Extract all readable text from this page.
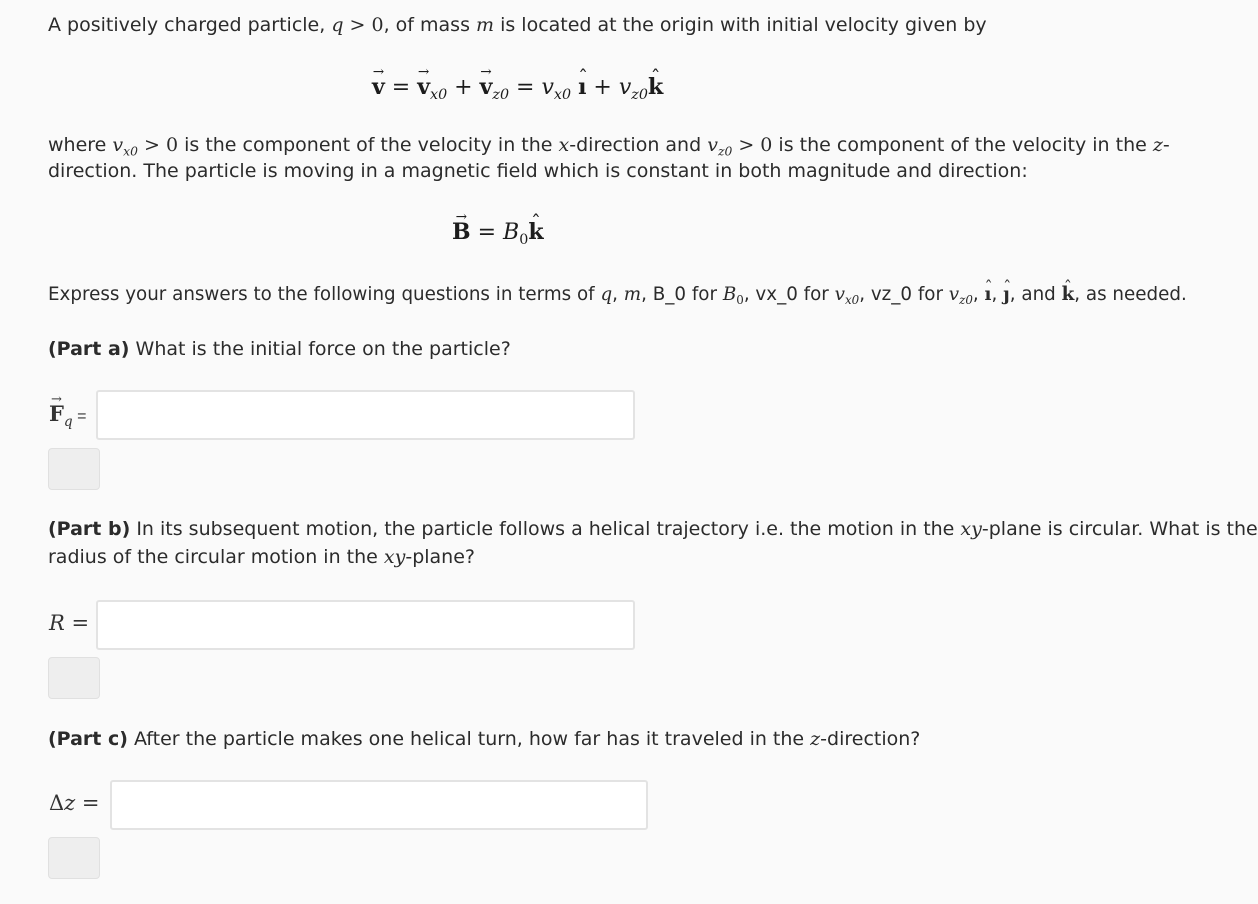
A positively charged particle, q > 0, of mass m is located at the origin with initial velocity given by
→ v = → $v_{x0}$ + → $v_{z0} = v_{x0}$ ˆ ı + $v_{z0}ˆ$ k
where $v_{x0} > 0$ is the component of the velocity in the x-direction and $v_{z0} > 0$ is the component of the velocity in the z-
direction. The particle is moving in a magnetic field which is constant in both magnitude and direction:
→ $B = B_0ˆ$ k
Express your answers to the following questions in terms of q, m, B_0 for $B_0$, vx_0 for $v_{x0}$, vz_0 for $v_{z0}$, ˆ ı, ˆ ȷ, and ˆ k, as needed.
(Part a) What is the initial force on the particle?
→ $F_q$ =
(Part b) In its subsequent motion, the particle follows a helical trajectory i.e. the motion in the xy-plane is circular. What is the
radius of the circular motion in the xy-plane?
R =
(Part c) After the particle makes one helical turn, how far has it traveled in the z-direction?
Δz =
